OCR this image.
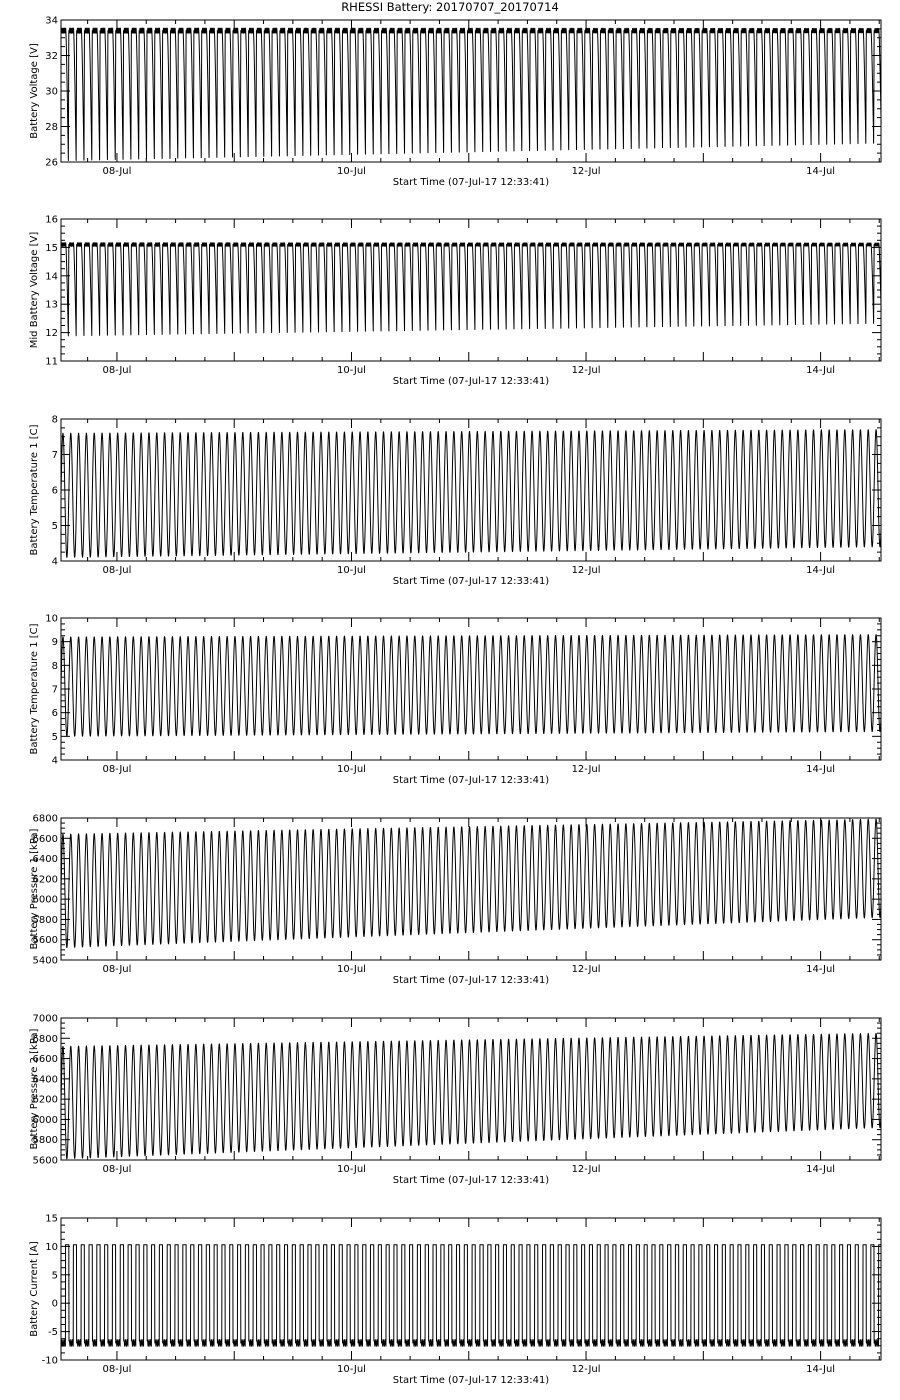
RHESSI Battery: 20170707_20170714
26
28
30
32
34
08-Jul	10-Jul	12-Jul	14-Jul
Start Time (07-Jul-17 12:33:41)
Battery Voltage [V]
11
12
13
14
15
16
08-Jul	10-Jul	12-Jul	14-Jul
Start Time (07-Jul-17 12:33:41)
Mid Battery Voltage [V]
4
5
6
7
8
08-Jul	10-Jul	12-Jul	14-Jul
Start Time (07-Jul-17 12:33:41)
Battery Temperature 1 [C]
4
5
6
7
8
9
10
08-Jul	10-Jul	12-Jul	14-Jul
Start Time (07-Jul-17 12:33:41)
Battery Temperature 1 [C]
5400
5600
5800
6000
6200
6400
6600
6800
08-Jul	10-Jul	12-Jul	14-Jul
Start Time (07-Jul-17 12:33:41)
Battery Pressure 1 [kPa]
5600
5800
6000
6200
6400
6600
6800
7000
08-Jul	10-Jul	12-Jul	14-Jul
Start Time (07-Jul-17 12:33:41)
Battery Pressure 2 [kPa]
-10
-5
0
5
10
15
08-Jul	10-Jul	12-Jul	14-Jul
Start Time (07-Jul-17 12:33:41)
Battery Current [A]
